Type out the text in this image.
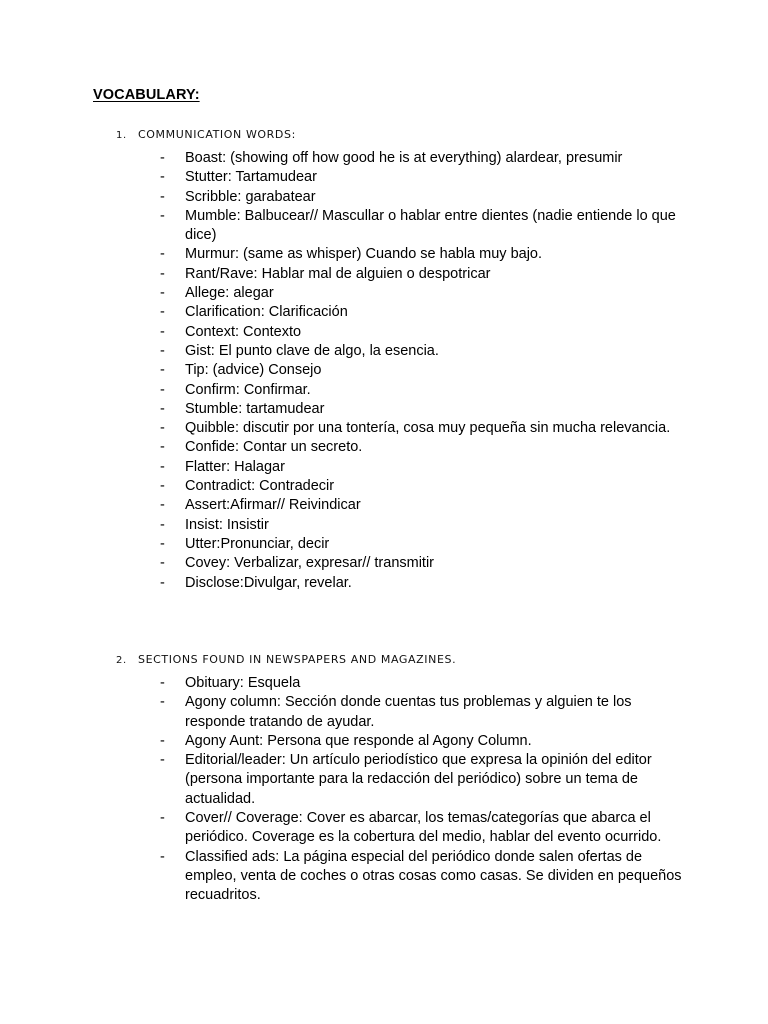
VOCABULARY:
1. COMMUNICATION WORDS:
- Boast: (showing off how good he is at everything) alardear, presumir
- Stutter: Tartamudear
- Scribble: garabatear
- Mumble: Balbucear// Mascullar o hablar entre dientes (nadie entiende lo que dice)
- Murmur: (same as whisper) Cuando se habla muy bajo.
- Rant/Rave: Hablar mal de alguien o despotricar
- Allege: alegar
- Clarification: Clarificación
- Context: Contexto
- Gist: El punto clave de algo, la esencia.
- Tip: (advice) Consejo
- Confirm: Confirmar.
- Stumble: tartamudear
- Quibble: discutir por una tontería, cosa muy pequeña sin mucha relevancia.
- Confide: Contar un secreto.
- Flatter: Halagar
- Contradict: Contradecir
- Assert:Afirmar// Reivindicar
- Insist: Insistir
- Utter:Pronunciar, decir
- Covey: Verbalizar, expresar// transmitir
- Disclose:Divulgar, revelar.
2. SECTIONS FOUND IN NEWSPAPERS AND MAGAZINES.
- Obituary: Esquela
- Agony column: Sección donde cuentas tus problemas y alguien te los responde tratando de ayudar.
- Agony Aunt: Persona que responde al Agony Column.
- Editorial/leader: Un artículo periodístico que expresa la opinión del editor (persona importante para la redacción del periódico) sobre un tema de actualidad.
- Cover// Coverage: Cover es abarcar, los temas/categorías que abarca el periódico. Coverage es la cobertura del medio, hablar del evento ocurrido.
- Classified ads: La página especial del periódico donde salen ofertas de empleo, venta de coches o otras cosas como casas. Se dividen en pequeños recuadritos.
